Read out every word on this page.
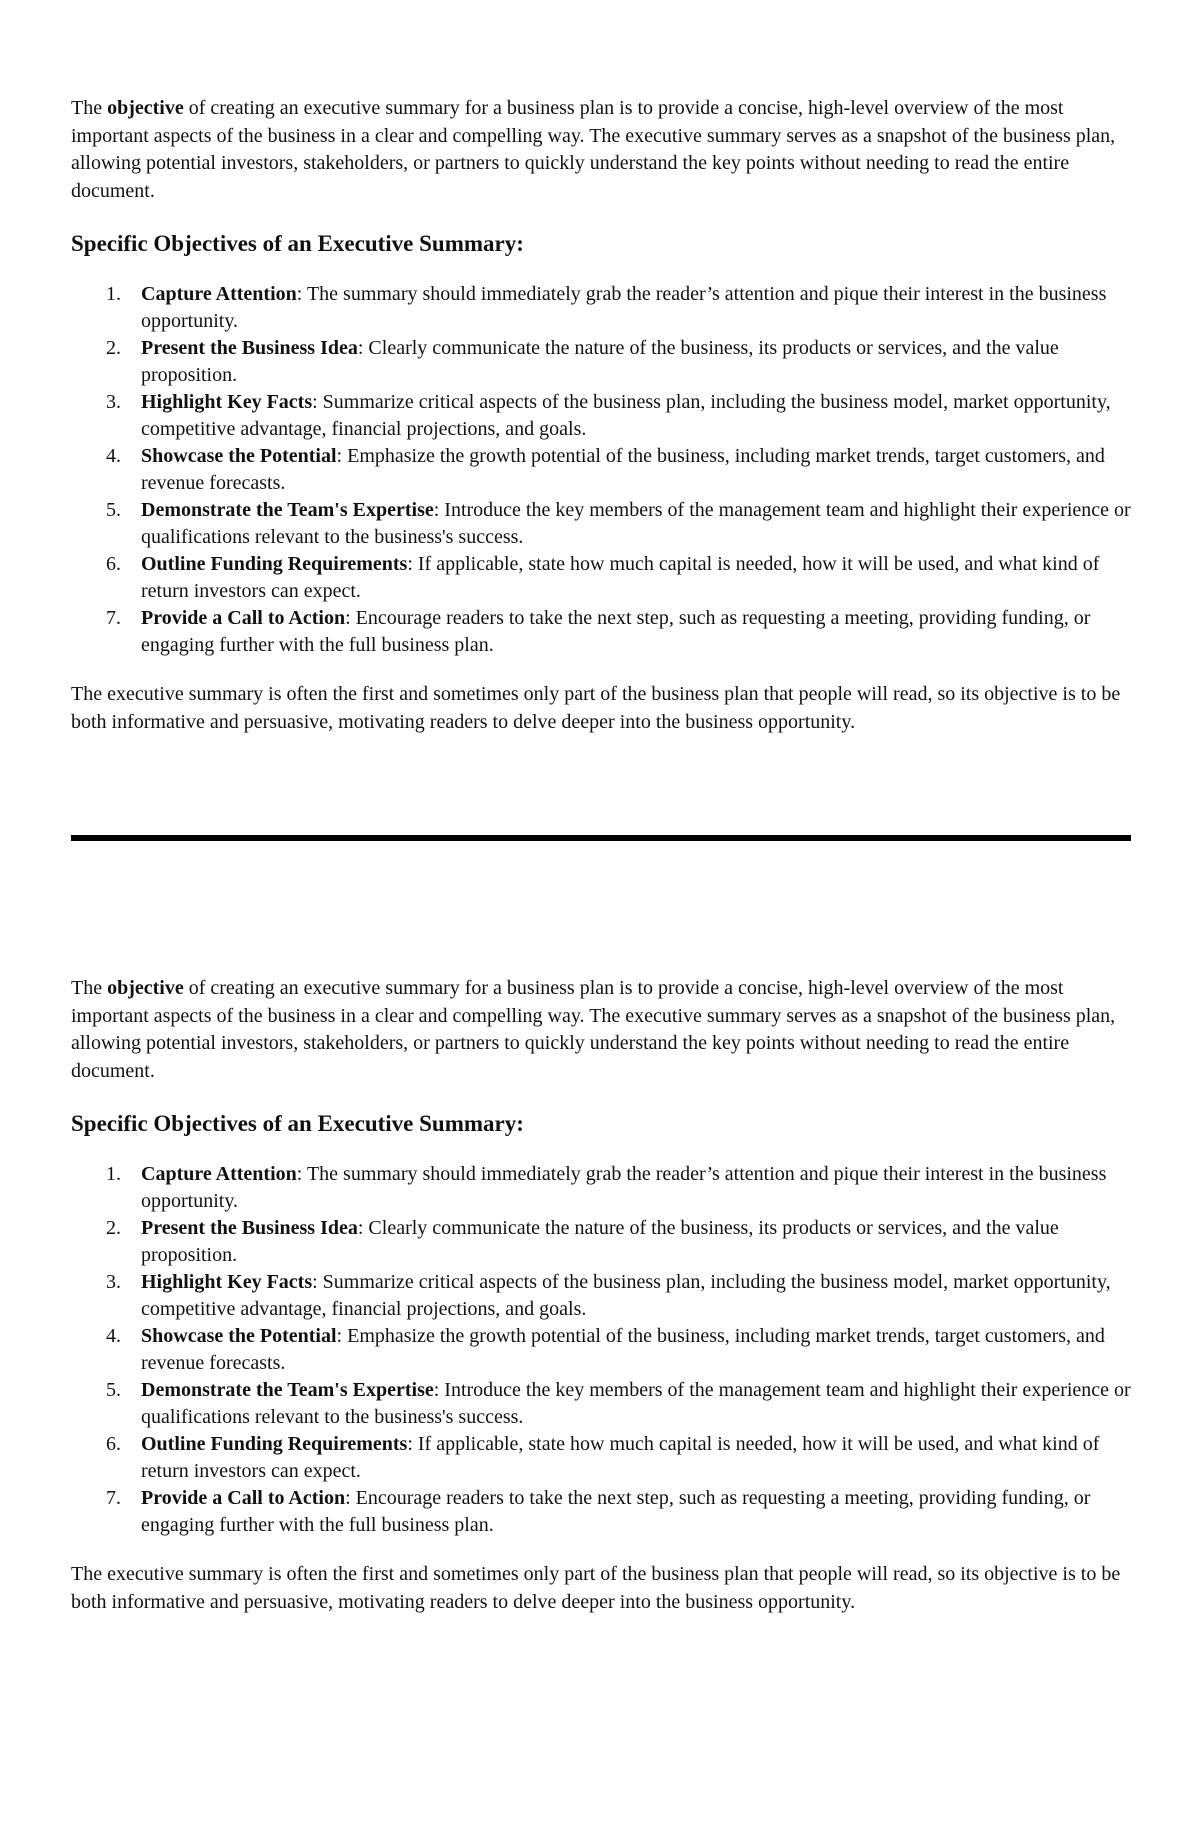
The objective of creating an executive summary for a business plan is to provide a concise, high-level overview of the most important aspects of the business in a clear and compelling way. The executive summary serves as a snapshot of the business plan, allowing potential investors, stakeholders, or partners to quickly understand the key points without needing to read the entire document.

Specific Objectives of an Executive Summary:
1. Capture Attention: The summary should immediately grab the reader’s attention and pique their interest in the business opportunity.
2. Present the Business Idea: Clearly communicate the nature of the business, its products or services, and the value proposition.
3. Highlight Key Facts: Summarize critical aspects of the business plan, including the business model, market opportunity, competitive advantage, financial projections, and goals.
4. Showcase the Potential: Emphasize the growth potential of the business, including market trends, target customers, and revenue forecasts.
5. Demonstrate the Team's Expertise: Introduce the key members of the management team and highlight their experience or qualifications relevant to the business's success.
6. Outline Funding Requirements: If applicable, state how much capital is needed, how it will be used, and what kind of return investors can expect.
7. Provide a Call to Action: Encourage readers to take the next step, such as requesting a meeting, providing funding, or engaging further with the full business plan.

The executive summary is often the first and sometimes only part of the business plan that people will read, so its objective is to be both informative and persuasive, motivating readers to delve deeper into the business opportunity.

The objective of creating an executive summary for a business plan is to provide a concise, high-level overview of the most important aspects of the business in a clear and compelling way. The executive summary serves as a snapshot of the business plan, allowing potential investors, stakeholders, or partners to quickly understand the key points without needing to read the entire document.

Specific Objectives of an Executive Summary:
1. Capture Attention: The summary should immediately grab the reader’s attention and pique their interest in the business opportunity.
2. Present the Business Idea: Clearly communicate the nature of the business, its products or services, and the value proposition.
3. Highlight Key Facts: Summarize critical aspects of the business plan, including the business model, market opportunity, competitive advantage, financial projections, and goals.
4. Showcase the Potential: Emphasize the growth potential of the business, including market trends, target customers, and revenue forecasts.
5. Demonstrate the Team's Expertise: Introduce the key members of the management team and highlight their experience or qualifications relevant to the business's success.
6. Outline Funding Requirements: If applicable, state how much capital is needed, how it will be used, and what kind of return investors can expect.
7. Provide a Call to Action: Encourage readers to take the next step, such as requesting a meeting, providing funding, or engaging further with the full business plan.

The executive summary is often the first and sometimes only part of the business plan that people will read, so its objective is to be both informative and persuasive, motivating readers to delve deeper into the business opportunity.
